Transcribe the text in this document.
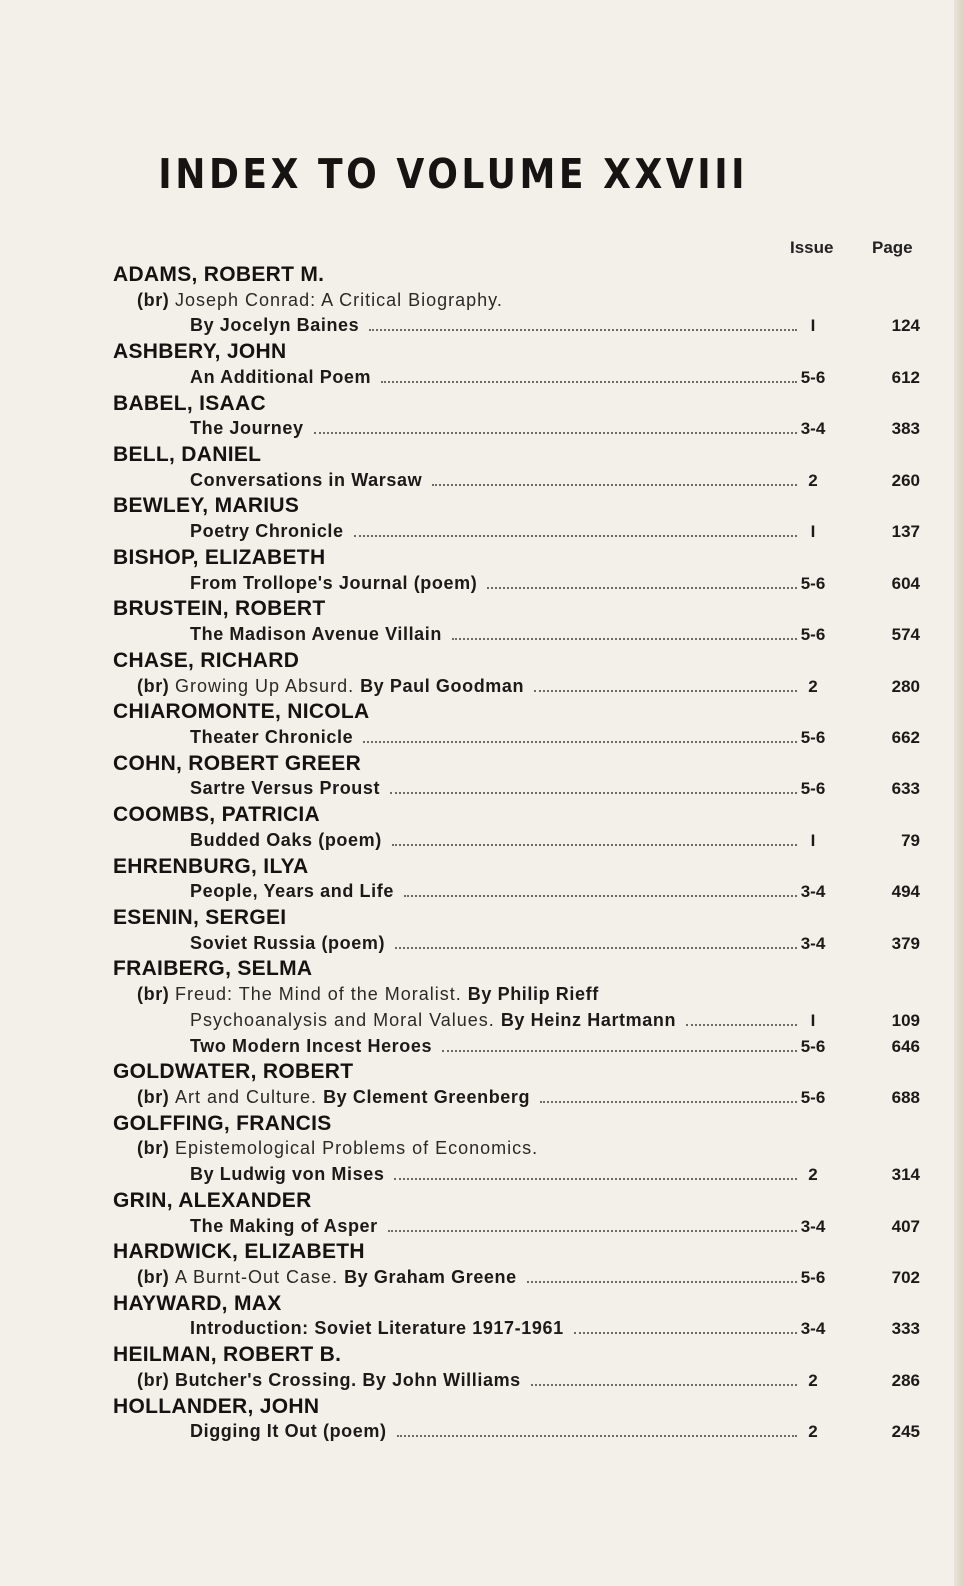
INDEX TO VOLUME XXVIII
Issue Page
ADAMS, ROBERT M.
(br) Joseph Conrad: A Critical Biography.
By Jocelyn Baines	I	124
ASHBERY, JOHN
An Additional Poem	5-6	612
BABEL, ISAAC
The Journey	3-4	383
BELL, DANIEL
Conversations in Warsaw	2	260
BEWLEY, MARIUS
Poetry Chronicle	I	137
BISHOP, ELIZABETH
From Trollope's Journal (poem)	5-6	604
BRUSTEIN, ROBERT
The Madison Avenue Villain	5-6	574
CHASE, RICHARD
(br) Growing Up Absurd. By Paul Goodman	2	280
CHIAROMONTE, NICOLA
Theater Chronicle	5-6	662
COHN, ROBERT GREER
Sartre Versus Proust	5-6	633
COOMBS, PATRICIA
Budded Oaks (poem)	I	79
EHRENBURG, ILYA
People, Years and Life	3-4	494
ESENIN, SERGEI
Soviet Russia (poem)	3-4	379
FRAIBERG, SELMA
(br) Freud: The Mind of the Moralist. By Philip Rieff
Psychoanalysis and Moral Values. By Heinz Hartmann	I	109
Two Modern Incest Heroes	5-6	646
GOLDWATER, ROBERT
(br) Art and Culture. By Clement Greenberg	5-6	688
GOLFFING, FRANCIS
(br) Epistemological Problems of Economics.
By Ludwig von Mises	2	314
GRIN, ALEXANDER
The Making of Asper	3-4	407
HARDWICK, ELIZABETH
(br) A Burnt-Out Case. By Graham Greene	5-6	702
HAYWARD, MAX
Introduction: Soviet Literature 1917-1961	3-4	333
HEILMAN, ROBERT B.
(br) Butcher's Crossing. By John Williams	2	286
HOLLANDER, JOHN
Digging It Out (poem)	2	245
